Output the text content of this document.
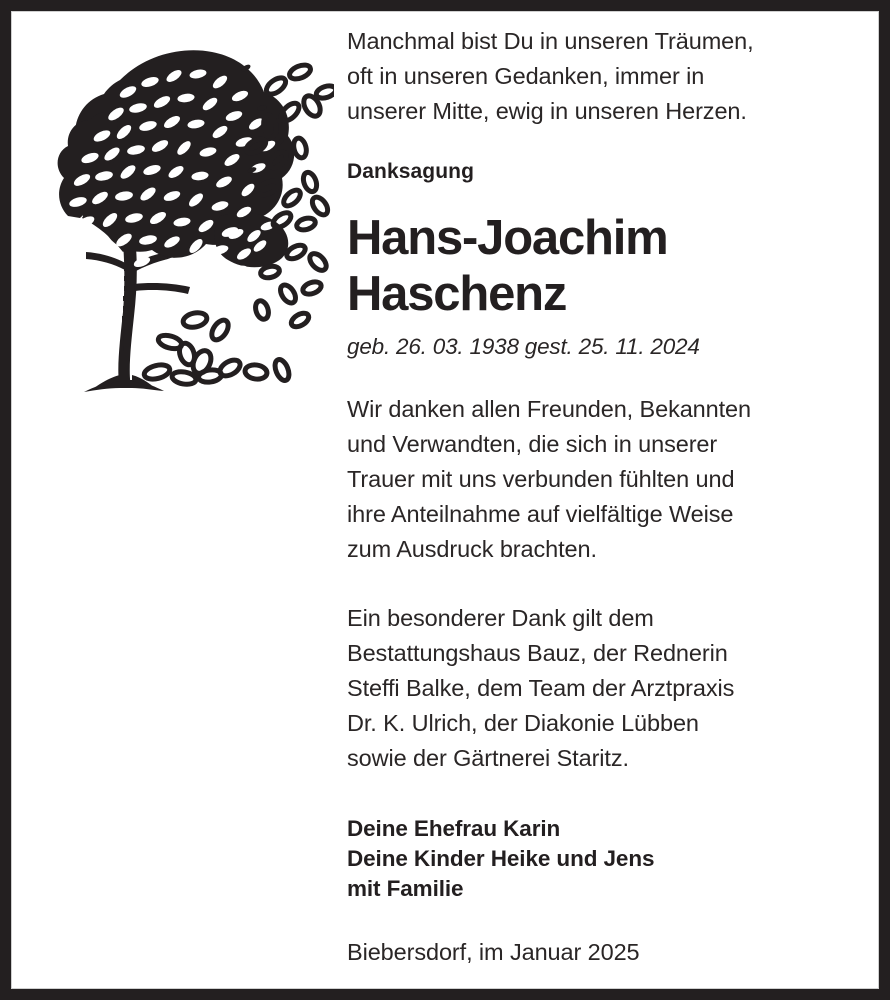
Manchmal bist Du in unseren Träumen,
oft in unseren Gedanken, immer in
unserer Mitte, ewig in unseren Herzen.
Danksagung
Hans-Joachim
Haschenz
geb. 26. 03. 1938 gest. 25. 11. 2024
Wir danken allen Freunden, Bekannten
und Verwandten, die sich in unserer
Trauer mit uns verbunden fühlten und
ihre Anteilnahme auf vielfältige Weise
zum Ausdruck brachten.
Ein besonderer Dank gilt dem
Bestattungshaus Bauz, der Rednerin
Steffi Balke, dem Team der Arztpraxis
Dr. K. Ulrich, der Diakonie Lübben
sowie der Gärtnerei Staritz.
Deine Ehefrau Karin
Deine Kinder Heike und Jens
mit Familie
Biebersdorf, im Januar 2025
